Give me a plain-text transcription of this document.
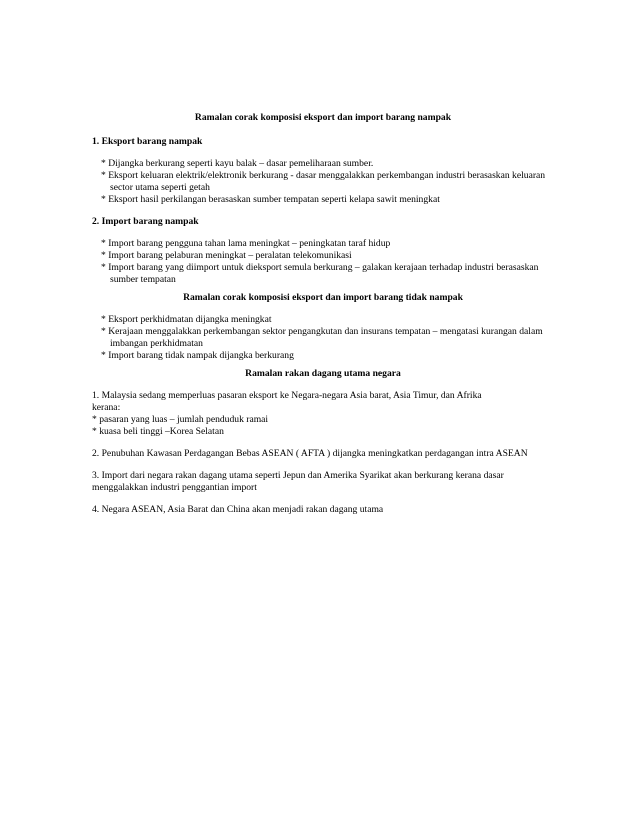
Ramalan corak komposisi eksport dan import barang nampak

1. Eksport barang nampak

* Dijangka berkurang seperti kayu balak – dasar pemeliharaan sumber.
* Eksport keluaran elektrik/elektronik berkurang - dasar menggalakkan perkembangan industri berasaskan keluaran sector utama seperti getah
* Eksport hasil perkilangan berasaskan sumber tempatan seperti kelapa sawit meningkat

2. Import barang nampak

* Import barang pengguna tahan lama meningkat – peningkatan taraf hidup
* Import barang pelaburan meningkat – peralatan telekomunikasi
* Import barang yang diimport untuk dieksport semula berkurang – galakan kerajaan terhadap industri berasaskan sumber tempatan

Ramalan corak komposisi eksport dan import barang tidak nampak

* Eksport perkhidmatan dijangka meningkat
* Kerajaan menggalakkan perkembangan sektor pengangkutan dan insurans tempatan – mengatasi kurangan dalam imbangan perkhidmatan
* Import barang tidak nampak dijangka berkurang

Ramalan rakan dagang utama negara

1. Malaysia sedang memperluas pasaran eksport ke Negara-negara Asia barat, Asia Timur, dan Afrika

kerana:

* pasaran yang luas – jumlah penduduk ramai

* kuasa beli tinggi –Korea Selatan

2. Penubuhan Kawasan Perdagangan Bebas ASEAN ( AFTA ) dijangka meningkatkan perdagangan intra ASEAN

3. Import dari negara rakan dagang utama seperti Jepun dan Amerika Syarikat akan berkurang kerana dasar menggalakkan industri penggantian import

4. Negara ASEAN, Asia Barat dan China akan menjadi rakan dagang utama
